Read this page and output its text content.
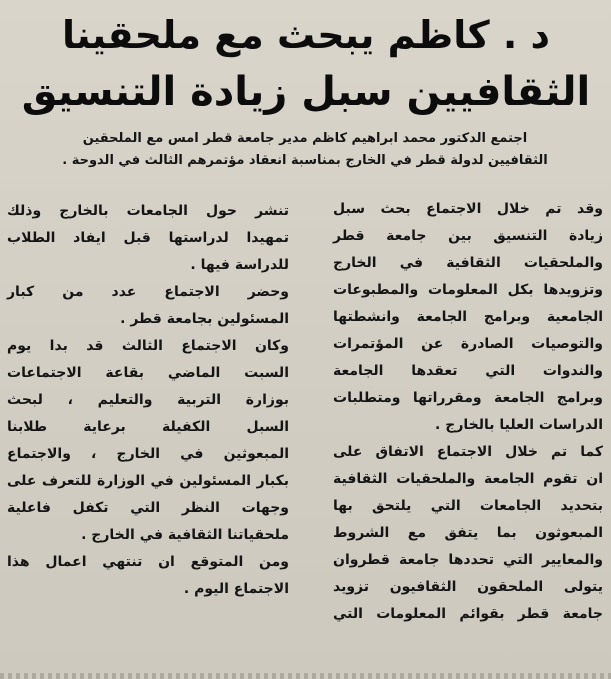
د . كاظم يبحث مع ملحقينا
الثقافيين سبل زيادة التنسيق
اجتمع الدكتور محمد ابراهيم كاظم مدير جامعة قطر امس مع الملحقين
الثقافيين لدولة قطر في الخارج بمناسبة انعقاد مؤتمرهم الثالث في الدوحة .
وقد تم خلال الاجتماع بحث سبل
زيادة التنسيق بين جامعة قطر
والملحقيات الثقافية في الخارج
وتزويدها بكل المعلومات والمطبوعات
الجامعية وبرامج الجامعة وانشطتها
والتوصيات الصادرة عن المؤتمرات
والندوات التي تعقدها الجامعة
وبرامج الجامعة ومقرراتها ومتطلبات
الدراسات العليا بالخارج .
كما تم خلال الاجتماع الاتفاق على
ان تقوم الجامعة والملحقيات الثقافية
بتحديد الجامعات التي يلتحق بها
المبعوثون بما يتفق مع الشروط
والمعايير التي تحددها جامعة قطروان
يتولى الملحقون الثقافيون تزويد
جامعة قطر بقوائم المعلومات التي
تنشر حول الجامعات بالخارج وذلك
تمهيدا لدراستها قبل ايفاد الطلاب
للدراسة فيها .
وحضر الاجتماع عدد من كبار
المسئولين بجامعة قطر .
وكان الاجتماع الثالث قد بدا يوم
السبت الماضي بقاعة الاجتماعات
بوزارة التربية والتعليم ، لبحث
السبل الكفيلة برعاية طلابنا
المبعوثين في الخارج ، والاجتماع
بكبار المسئولين في الوزارة للتعرف على
وجهات النظر التي تكفل فاعلية
ملحقياتنا الثقافية في الخارج .
ومن المتوقع ان تنتهي اعمال هذا
الاجتماع اليوم .
